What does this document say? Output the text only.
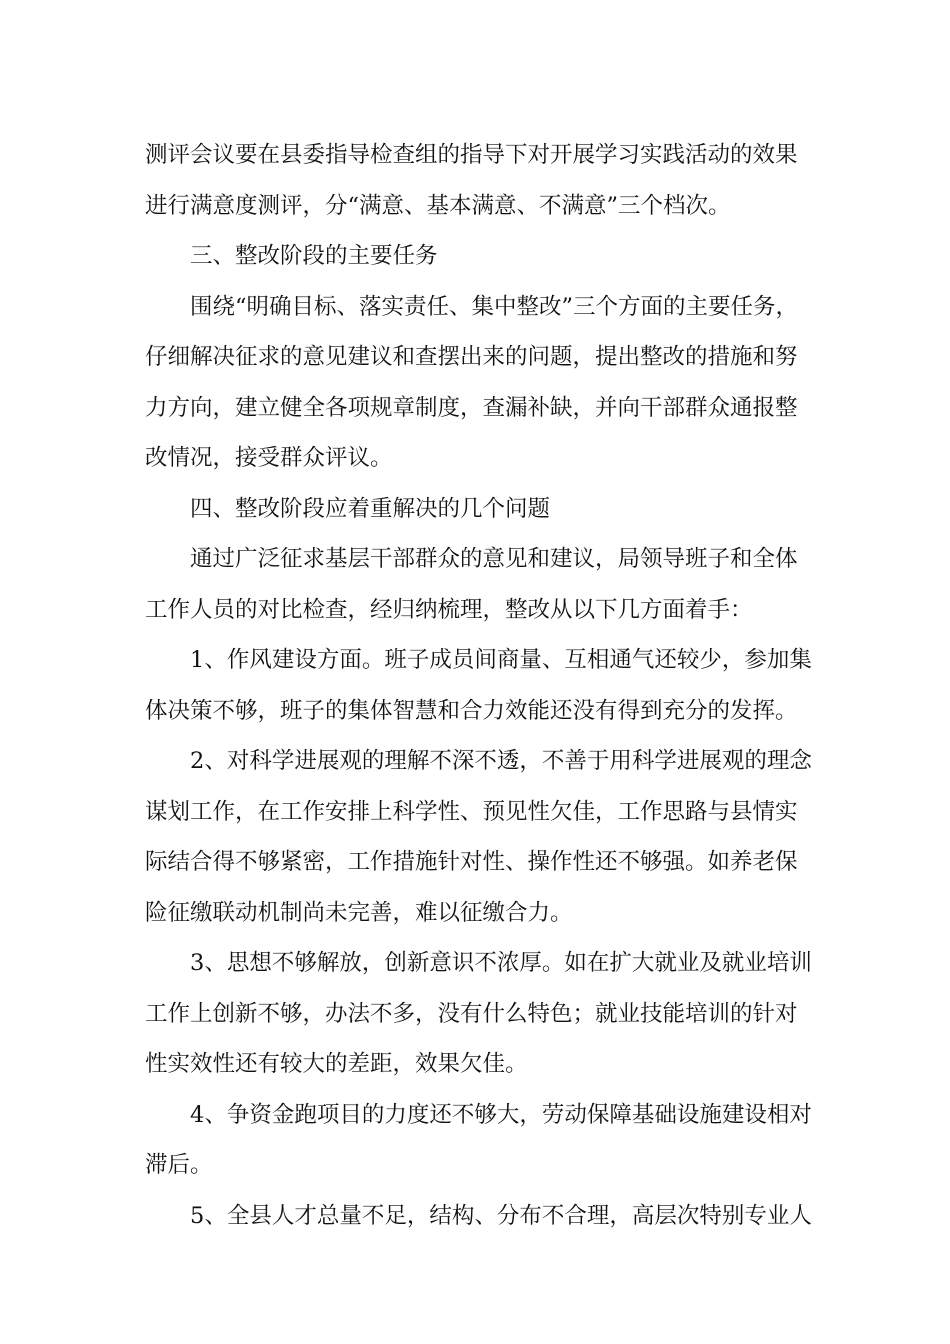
测评会议要在县委指导检查组的指导下对开展学习实践活动的效果
进行满意度测评，分“满意、基本满意、不满意”三个档次。
三、整改阶段的主要任务
围绕“明确目标、落实责任、集中整改”三个方面的主要任务，
仔细解决征求的意见建议和查摆出来的问题，提出整改的措施和努
力方向，建立健全各项规章制度，查漏补缺，并向干部群众通报整
改情况，接受群众评议。
四、整改阶段应着重解决的几个问题
通过广泛征求基层干部群众的意见和建议，局领导班子和全体
工作人员的对比检查，经归纳梳理，整改从以下几方面着手：
1、作风建设方面。班子成员间商量、互相通气还较少，参加集
体决策不够，班子的集体智慧和合力效能还没有得到充分的发挥。
2、对科学进展观的理解不深不透，不善于用科学进展观的理念
谋划工作，在工作安排上科学性、预见性欠佳，工作思路与县情实
际结合得不够紧密，工作措施针对性、操作性还不够强。如养老保
险征缴联动机制尚未完善，难以征缴合力。
3、思想不够解放，创新意识不浓厚。如在扩大就业及就业培训
工作上创新不够，办法不多，没有什么特色；就业技能培训的针对
性实效性还有较大的差距，效果欠佳。
4、争资金跑项目的力度还不够大，劳动保障基础设施建设相对
滞后。
5、全县人才总量不足，结构、分布不合理，高层次特别专业人
